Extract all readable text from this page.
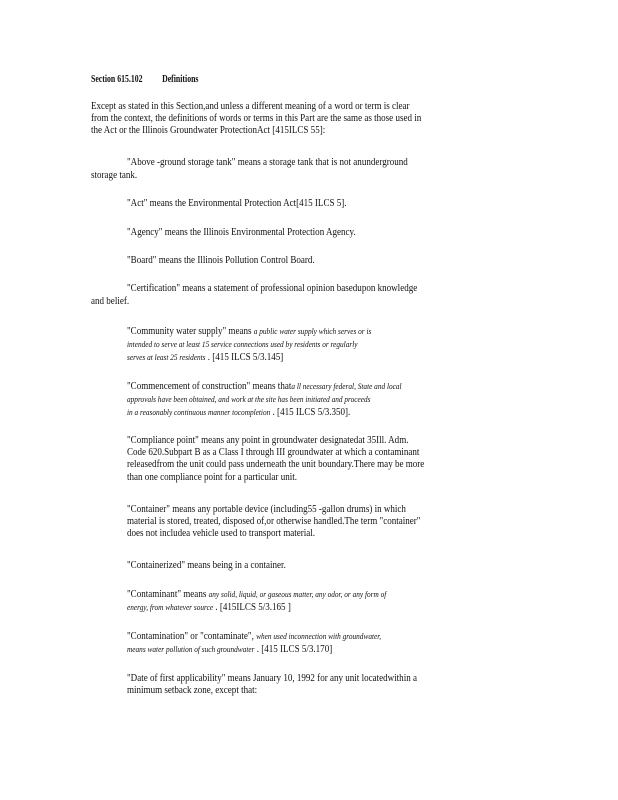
Section 615.102 Definitions
Except as stated in this Section,and unless a different meaning of a word or term is clear
from the context, the definitions of words or terms in this Part are the same as those used in
the Act or the Illinois Groundwater ProtectionAct [415ILCS 55]:
"Above -ground storage tank" means a storage tank that is not anunderground
storage tank.
"Act" means the Environmental Protection Act[415 ILCS 5].
"Agency" means the Illinois Environmental Protection Agency.
"Board" means the Illinois Pollution Control Board.
"Certification" means a statement of professional opinion basedupon knowledge
and belief.
"Community water supply" means a public water supply which serves or is
intended to serve at least 15 service connections used by residents or regularly
serves at least 25 residents . [415 ILCS 5/3.145]
"Commencement of construction" means thata ll necessary federal, State and local
approvals have been obtained, and work at the site has been initiated and proceeds
in a reasonably continuous manner tocompletion . [415 ILCS 5/3.350].
"Compliance point" means any point in groundwater designatedat 35Ill. Adm.
Code 620.Subpart B as a Class I through III groundwater at which a contaminant
releasedfrom the unit could pass underneath the unit boundary.There may be more
than one compliance point for a particular unit.
"Container" means any portable device (including55 -gallon drums) in which
material is stored, treated, disposed of,or otherwise handled.The term "container"
does not includea vehicle used to transport material.
"Containerized" means being in a container.
"Contaminant" means any solid, liquid, or gaseous matter, any odor, or any form of
energy, from whatever source . [415ILCS 5/3.165 ]
"Contamination" or "contaminate", when used inconnection with groundwater,
means water pollution of such groundwater . [415 ILCS 5/3.170]
"Date of first applicability" means January 10, 1992 for any unit locatedwithin a
minimum setback zone, except that:
